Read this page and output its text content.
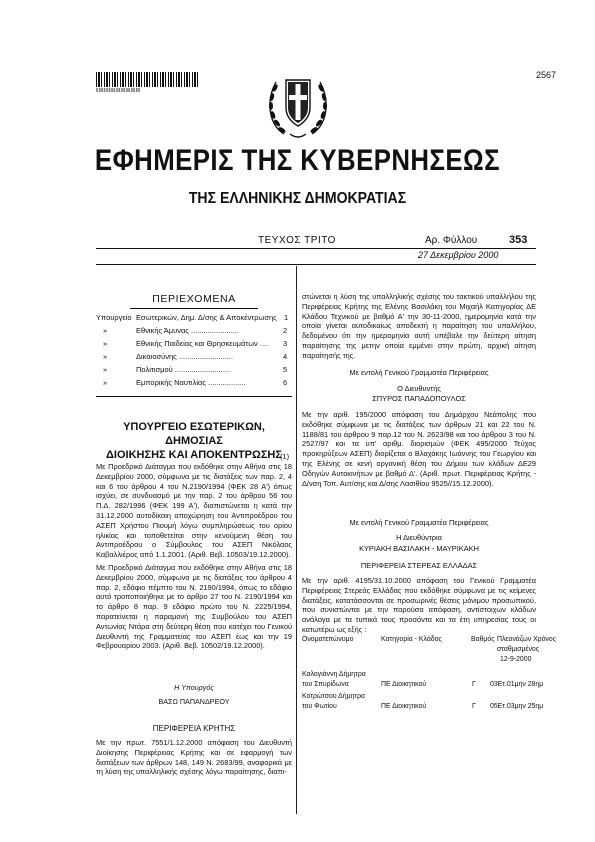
‖‖‖‖‖‖‖‖‖‖‖‖‖‖‖‖‖‖
2567
ΕΦΗΜΕΡΙΣ ΤΗΣ ΚΥΒΕΡΝΗΣΕΩΣ
ΤΗΣ ΕΛΛΗΝΙΚΗΣ ΔΗΜΟΚΡΑΤΙΑΣ
ΤΕΥΧΟΣ ΤΡΙΤΟ	Αρ. Φύλλου	353
27 Δεκεμβρίου 2000
ΠΕΡΙΕΧΟΜΕΝΑ
Υπουργείο Εσωτερικών, Δημ. Δ/σης & Αποκέντρωσης 1
»	Εθνικής Άμυνας .......................	2
»	Εθνικής Παιδείας και Θρησκευμάτων .... 3
»	Δικαιοσύνης ..........................	4
»	Πολιτισμού ...........................	5
»	Εμπορικής Ναυτιλίας ..................	6
ΥΠΟΥΡΓΕΙΟ ΕΣΩΤΕΡΙΚΩΝ, ΔΗΜΟΣΙΑΣ
ΔΙΟΙΚΗΣΗΣ ΚΑΙ ΑΠΟΚΕΝΤΡΩΣΗΣ
(1)
Με Προεδρικό Διάταγμα που εκδόθηκε στην Αθήνα στις 18 Δεκεμβρίου 2000, σύμφωνα με τις διατάξεις των παρ. 2, 4 και 6 του άρθρου 4 του Ν.2190/1994 (ΦΕΚ 28 Α') όπως ισχύει, σε συνδυασμό με την παρ. 2 του άρθρου 56 του Π.Δ. 282/1996 (ΦΕΚ 199 Α'), διαπιστώνεται η κατά την 31.12.2000 αυτοδίκαιη αποχώρηση του Αντιπροέδρου του ΑΣΕΠ Χρήστου Πιουμή λόγω συμπληρώσεως του ορίου ηλικίας και τοποθετείται στην κενούμενη θέση του Αντιπροέδρου ο Σύμβουλος του ΑΣΕΠ Νικόλαος Καβαλλιέρος από 1.1.2001. (Αριθ. Βεβ. 10503/19.12.2000).
Με Προεδρικό Διάταγμα που εκδόθηκε στην Αθήνα στις 18 Δεκεμβρίου 2000, σύμφωνα με τις διατάξεις του άρθρου 4 παρ. 2, εδάφιο πέμπτο του Ν. 2190/1994, όπως το εδάφιο αυτό τροποποιήθηκε με το άρθρο 27 του Ν. 2190/1994 και το άρθρο 8 παρ. 9 εδάφιο πρώτο του Ν. 2225/1994, παρατείνεται η παραμονή της Συμβούλου του ΑΣΕΠ Αντωνίας Ντάρα στη δεύτερη θέση που κατέχει του Γενικού Διευθυντή της Γραμματείας του ΑΣΕΠ έως και την 19 Φεβρουαρίου 2003. (Αριθ. Βεβ. 10502/19.12.2000).
Η Υπουργός
ΒΑΣΩ ΠΑΠΑΝΔΡΕΟΥ
ΠΕΡΙΦΕΡΕΙΑ ΚΡΗΤΗΣ
Με την πρωτ. 7551/1.12.2000 απόφαση του Διευθυντή Διοίκησης Περιφέρειας Κρήτης και σε εφαρμογή των διατάξεων των άρθρων 148, 149 Ν. 2683/99, αναφορικά με τη λύση της υπαλληλικής σχέσης λόγω παραίτησης, διαπι-
στώνεται η λύση της υπαλληλικής σχέσης του τακτικού υπαλλήλου της Περιφέρειας Κρήτης της Ελένης Βασιλάκη του Μιχαήλ Κατηγορίας ΔΕ Κλάδου Τεχνικού με βαθμό Α' την 30-11-2000, ημερομηνία κατά την οποία γίνεται αυτοδικαίως αποδεκτή η παραίτηση του υπαλλήλου, δεδομένου ότι την ημερομηνία αυτή υπέβαλε την δεύτερη αίτηση παραίτησης της μετην οποία εμμένει στην πρώτη, αρχική αίτηση παραίτησής της.
Με εντολή Γενικού Γραμματέα Περιφέρειας
Ο Διευθυντής
ΣΠΥΡΟΣ ΠΑΠΑΔΟΠΟΥΛΟΣ
Με την αριθ. 195/2000 απόφαση του Δημάρχου Νεάπολης που εκδόθηκε σύμφωνα με τις διατάξεις των άρθρων 21 και 22 του Ν. 1188/81 του άρθρου 9 παρ.12 του Ν. 2623/98 και του άρθρου 3 του Ν. 2527/97 και τα υπ' αριθμ. διορισμών (ΦΕΚ 495/2000 Τεύχος προκηρύξεων ΑΣΕΠ) διορίζεται ο Βλαχάκης Ιωάννης του Γεωργίου και της Ελένης σε κενή οργανική θέση του Δήμου των κλάδων ΔΕ29 Οδηγών Αυτοκινήτων με βαθμό Δ'. (Αριθ. πρωτ. Περιφέρειας Κρήτης - Δ/νση Τοπ. Αυτ/σης και Δ/σης Λασιθίου 9525//15.12.2000).
Με εντολή Γενικού Γραμματέα Περιφέρειας
Η Διευθύντρια
ΚΥΡΙΑΚΗ ΒΑΣΙΛΑΚΗ - ΜΑΥΡΙΚΑΚΗ
ΠΕΡΙΦΕΡΕΙΑ ΣΤΕΡΕΑΣ ΕΛΛΑΔΑΣ
Με την αριθ. 4195/31.10.2000 απόφαση του Γενικού Γραμματέα Περιφέρειας Στερεάς Ελλάδας που εκδόθηκε σύμφωνα με τις κείμενες διατάξεις, κατατάσσονται σε προσωρινές θέσεις μόνιμου προσωπικού, που συνιστώνται με την παρούσα απόφαση, αντίστοιχων κλάδων ανάλογα με τα τυπικά τους προσόντα και τα έτη υπηρεσίας τους οι κατωτέρω ως εξής :
Ονοματεπώνυμο	Κατηγορία - Κλάδος	Βαθμός Πλεονάζων Χρόνος
σταθμισμένος
12-9-2000
Καλογιάννη Δήμητρα
του Σπυρίδωνα	ΠΕ Διοικητικού	Γ 03Ετ.01μην 28ημ
Κοτρώτσου Δήμητρα
του Φωτίου	ΠΕ Διοικητικού	Γ 05Ετ.03μην 25ημ
